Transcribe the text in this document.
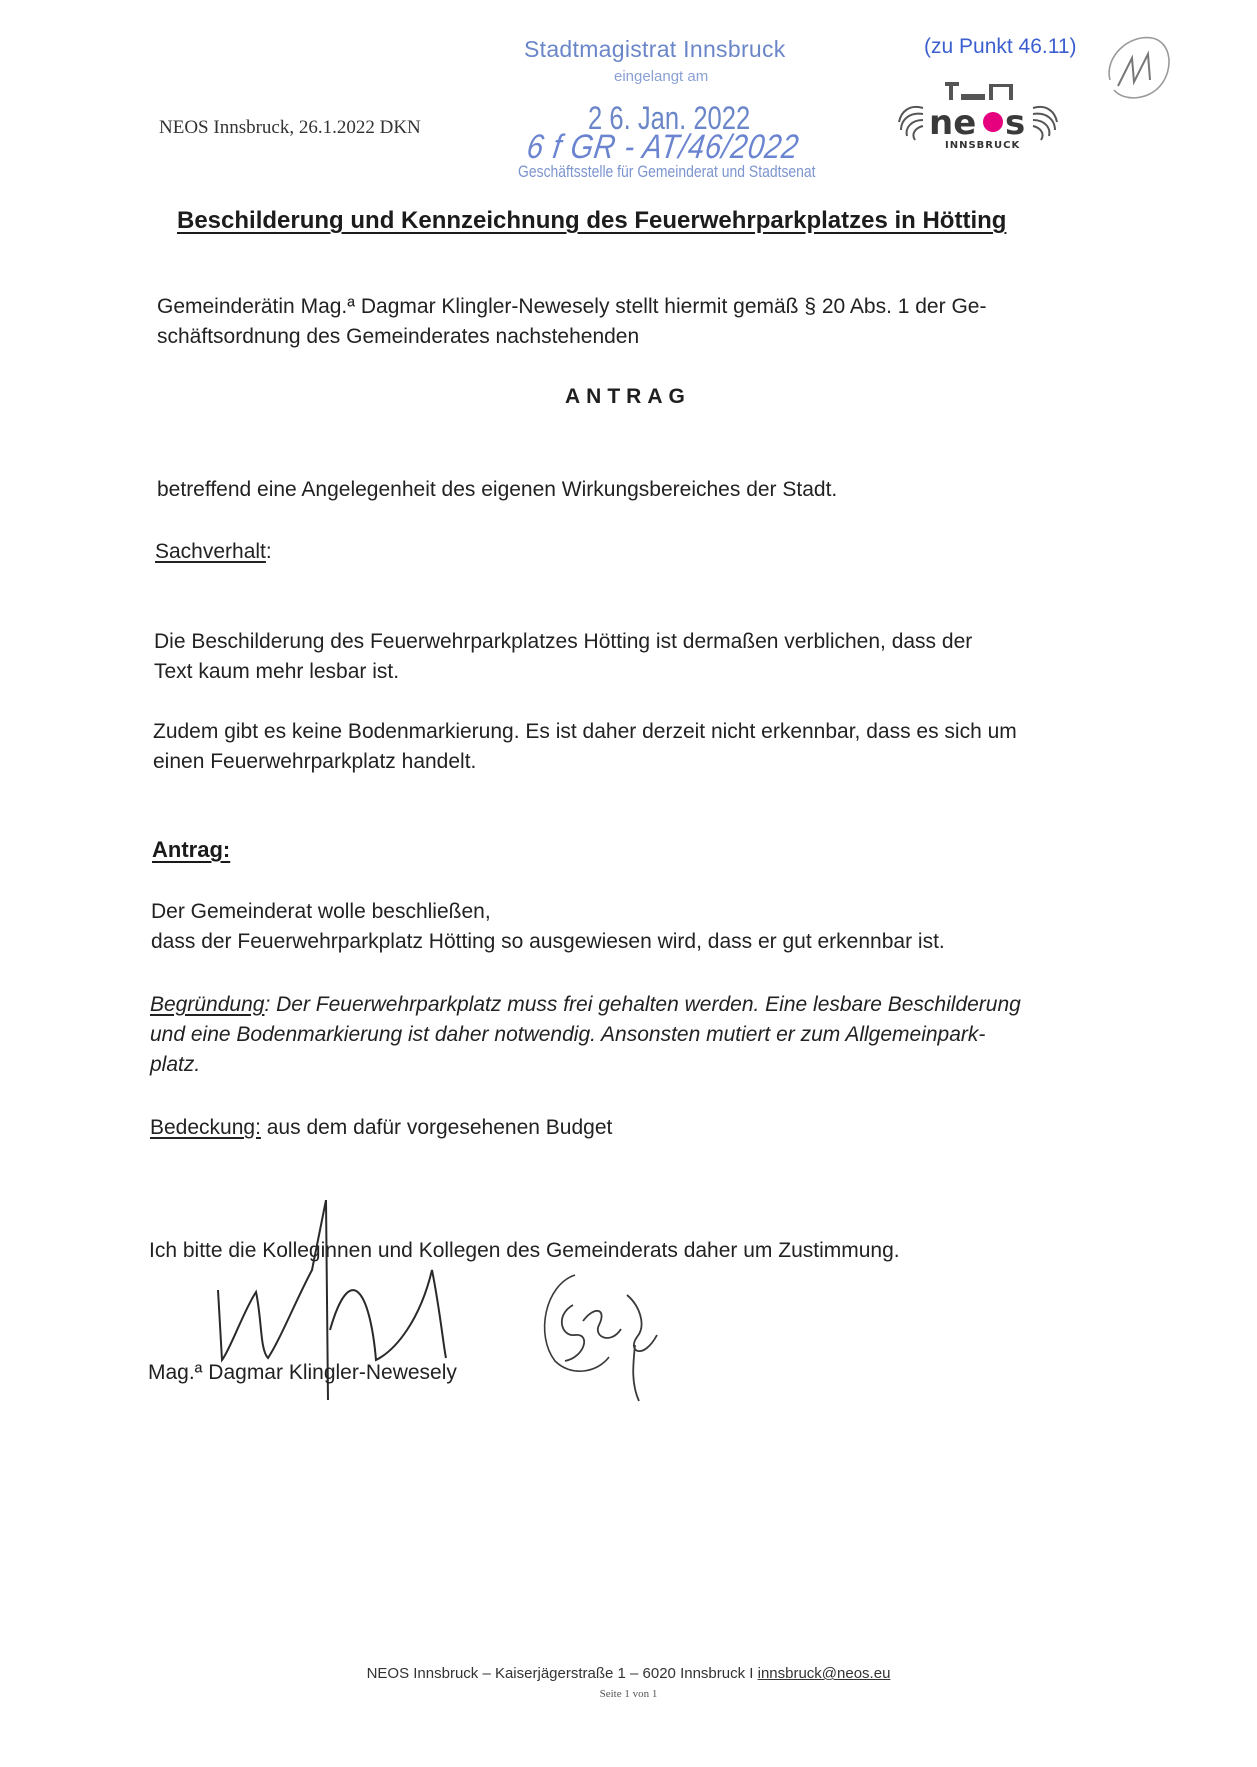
NEOS Innsbruck, 26.1.2022 DKN
Stadtmagistrat Innsbruck
eingelangt am
2 6. Jan. 2022
6 f GR - AT/46/2022
Geschäftsstelle für Gemeinderat und Stadtsenat
(zu Punkt 46.11)
ne s
INNSBRUCK
Beschilderung und Kennzeichnung des Feuerwehrparkplatzes in Hötting
Gemeinderätin Mag.ª Dagmar Klingler-Newesely stellt hiermit gemäß § 20 Abs. 1 der Ge-
schäftsordnung des Gemeinderates nachstehenden
ANTRAG
betreffend eine Angelegenheit des eigenen Wirkungsbereiches der Stadt.
Sachverhalt:
Die Beschilderung des Feuerwehrparkplatzes Hötting ist dermaßen verblichen, dass der
Text kaum mehr lesbar ist.
Zudem gibt es keine Bodenmarkierung. Es ist daher derzeit nicht erkennbar, dass es sich um
einen Feuerwehrparkplatz handelt.
Antrag:
Der Gemeinderat wolle beschließen,
dass der Feuerwehrparkplatz Hötting so ausgewiesen wird, dass er gut erkennbar ist.
Begründung: Der Feuerwehrparkplatz muss frei gehalten werden. Eine lesbare Beschilderung
und eine Bodenmarkierung ist daher notwendig. Ansonsten mutiert er zum Allgemeinpark-
platz.
Bedeckung: aus dem dafür vorgesehenen Budget
Ich bitte die Kolleginnen und Kollegen des Gemeinderats daher um Zustimmung.
Mag.ª Dagmar Klingler-Newesely
NEOS Innsbruck – Kaiserjägerstraße 1 – 6020 Innsbruck I innsbruck@neos.eu
Seite 1 von 1
